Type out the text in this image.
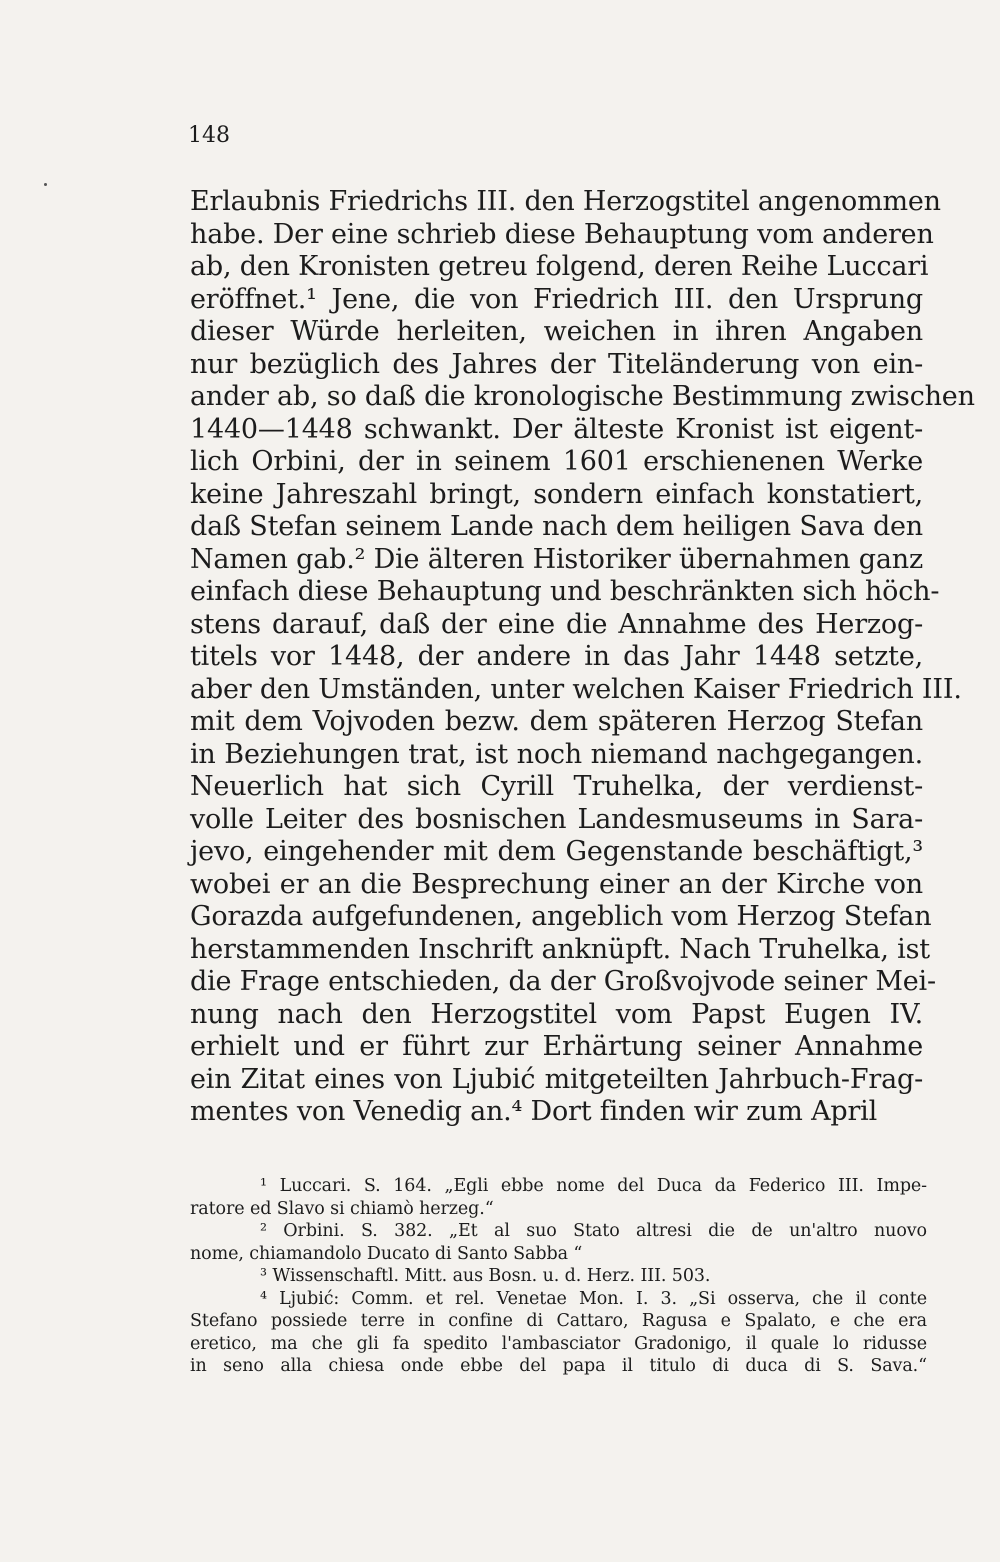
148
Erlaubnis Friedrichs III. den Herzogstitel angenommen
habe. Der eine schrieb diese Behauptung vom anderen
ab, den Kronisten getreu folgend, deren Reihe Luccari
eröffnet.¹ Jene, die von Friedrich III. den Ursprung
dieser Würde herleiten, weichen in ihren Angaben
nur bezüglich des Jahres der Titeländerung von ein-
ander ab, so daß die kronologische Bestimmung zwischen
1440—1448 schwankt. Der älteste Kronist ist eigent-
lich Orbini, der in seinem 1601 erschienenen Werke
keine Jahreszahl bringt, sondern einfach konstatiert,
daß Stefan seinem Lande nach dem heiligen Sava den
Namen gab.² Die älteren Historiker übernahmen ganz
einfach diese Behauptung und beschränkten sich höch-
stens darauf, daß der eine die Annahme des Herzog-
titels vor 1448, der andere in das Jahr 1448 setzte,
aber den Umständen, unter welchen Kaiser Friedrich III.
mit dem Vojvoden bezw. dem späteren Herzog Stefan
in Beziehungen trat, ist noch niemand nachgegangen.
Neuerlich hat sich Cyrill Truhelka, der verdienst-
volle Leiter des bosnischen Landesmuseums in Sara-
jevo, eingehender mit dem Gegenstande beschäftigt,³
wobei er an die Besprechung einer an der Kirche von
Gorazda aufgefundenen, angeblich vom Herzog Stefan
herstammenden Inschrift anknüpft. Nach Truhelka, ist
die Frage entschieden, da der Großvojvode seiner Mei-
nung nach den Herzogstitel vom Papst Eugen IV.
erhielt und er führt zur Erhärtung seiner Annahme
ein Zitat eines von Ljubić mitgeteilten Jahrbuch-Frag-
mentes von Venedig an.⁴ Dort finden wir zum April
¹ Luccari. S. 164. „Egli ebbe nome del Duca da Federico III. Impe-
ratore ed Slavo si chiamò herzeg.“
² Orbini. S. 382. „Et al suo Stato altresi die de un'altro nuovo
nome, chiamandolo Ducato di Santo Sabba “
³ Wissenschaftl. Mitt. aus Bosn. u. d. Herz. III. 503.
⁴ Ljubić: Comm. et rel. Venetae Mon. I. 3. „Si osserva, che il conte
Stefano possiede terre in confine di Cattaro, Ragusa e Spalato, e che era
eretico, ma che gli fa spedito l'ambasciator Gradonigo, il quale lo ridusse
in seno alla chiesa onde ebbe del papa il titulo di duca di S. Sava.“
